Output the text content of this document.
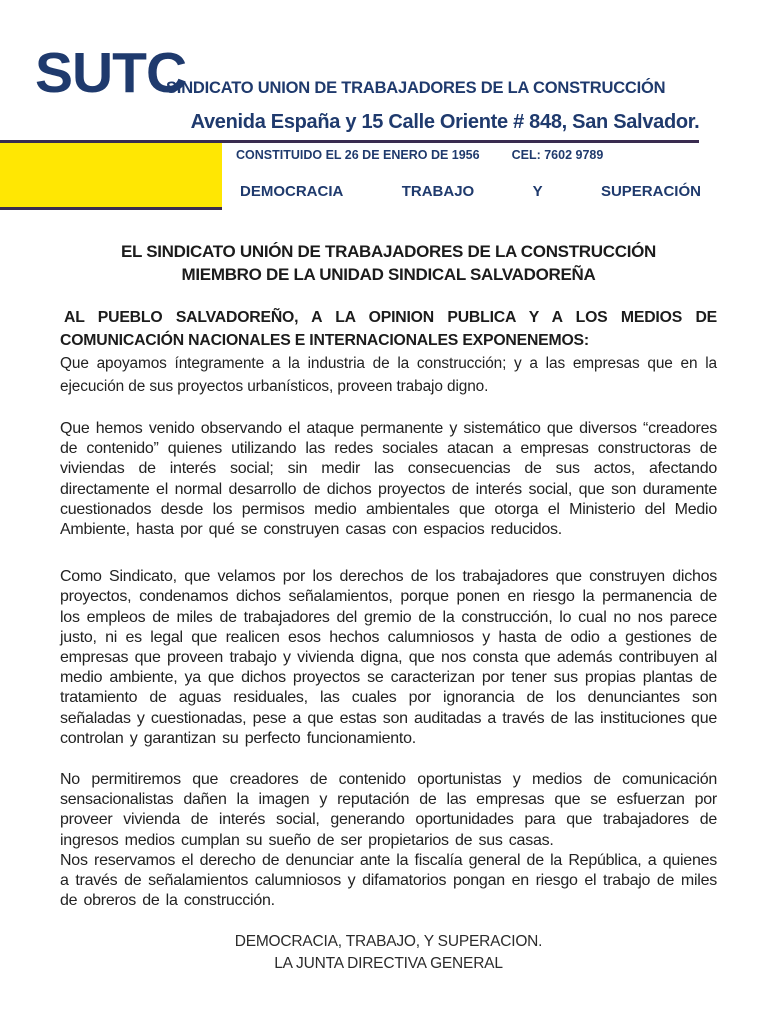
SUTC
SINDICATO UNION DE TRABAJADORES DE LA CONSTRUCCIÓN
Avenida España y 15 Calle Oriente # 848, San Salvador.
CONSTITUIDO EL 26 DE ENERO DE 1956	CEL: 7602 9789
DEMOCRACIA	TRABAJO	Y	SUPERACIÓN
EL SINDICATO UNIÓN DE TRABAJADORES DE LA CONSTRUCCIÓN
MIEMBRO DE LA UNIDAD SINDICAL SALVADOREÑA

AL PUEBLO SALVADOREÑO, A LA OPINION PUBLICA Y A LOS MEDIOS DE COMUNICACIÓN NACIONALES E INTERNACIONALES EXPONENEMOS:

Que apoyamos íntegramente a la industria de la construcción; y a las empresas que en la ejecución de sus proyectos urbanísticos, proveen trabajo digno.

Que hemos venido observando el ataque permanente y sistemático que diversos “creadores de contenido” quienes utilizando las redes sociales atacan a empresas constructoras de viviendas de interés social; sin medir las consecuencias de sus actos, afectando directamente el normal desarrollo de dichos proyectos de interés social, que son duramente cuestionados desde los permisos medio ambientales que otorga el Ministerio del Medio Ambiente, hasta por qué se construyen casas con espacios reducidos.

Como Sindicato, que velamos por los derechos de los trabajadores que construyen dichos proyectos, condenamos dichos señalamientos, porque ponen en riesgo la permanencia de los empleos de miles de trabajadores del gremio de la construcción, lo cual no nos parece justo, ni es legal que realicen esos hechos calumniosos y hasta de odio a gestiones de empresas que proveen trabajo y vivienda digna, que nos consta que además contribuyen al medio ambiente, ya que dichos proyectos se caracterizan por tener sus propias plantas de tratamiento de aguas residuales, las cuales por ignorancia de los denunciantes son señaladas y cuestionadas, pese a que estas son auditadas a través de las instituciones que controlan y garantizan su perfecto funcionamiento.

No permitiremos que creadores de contenido oportunistas y medios de comunicación sensacionalistas dañen la imagen y reputación de las empresas que se esfuerzan por proveer vivienda de interés social, generando oportunidades para que trabajadores de ingresos medios cumplan su sueño de ser propietarios de sus casas.

Nos reservamos el derecho de denunciar ante la fiscalía general de la República, a quienes a través de señalamientos calumniosos y difamatorios pongan en riesgo el trabajo de miles de obreros de la construcción.

DEMOCRACIA, TRABAJO, Y SUPERACION.
LA JUNTA DIRECTIVA GENERAL
